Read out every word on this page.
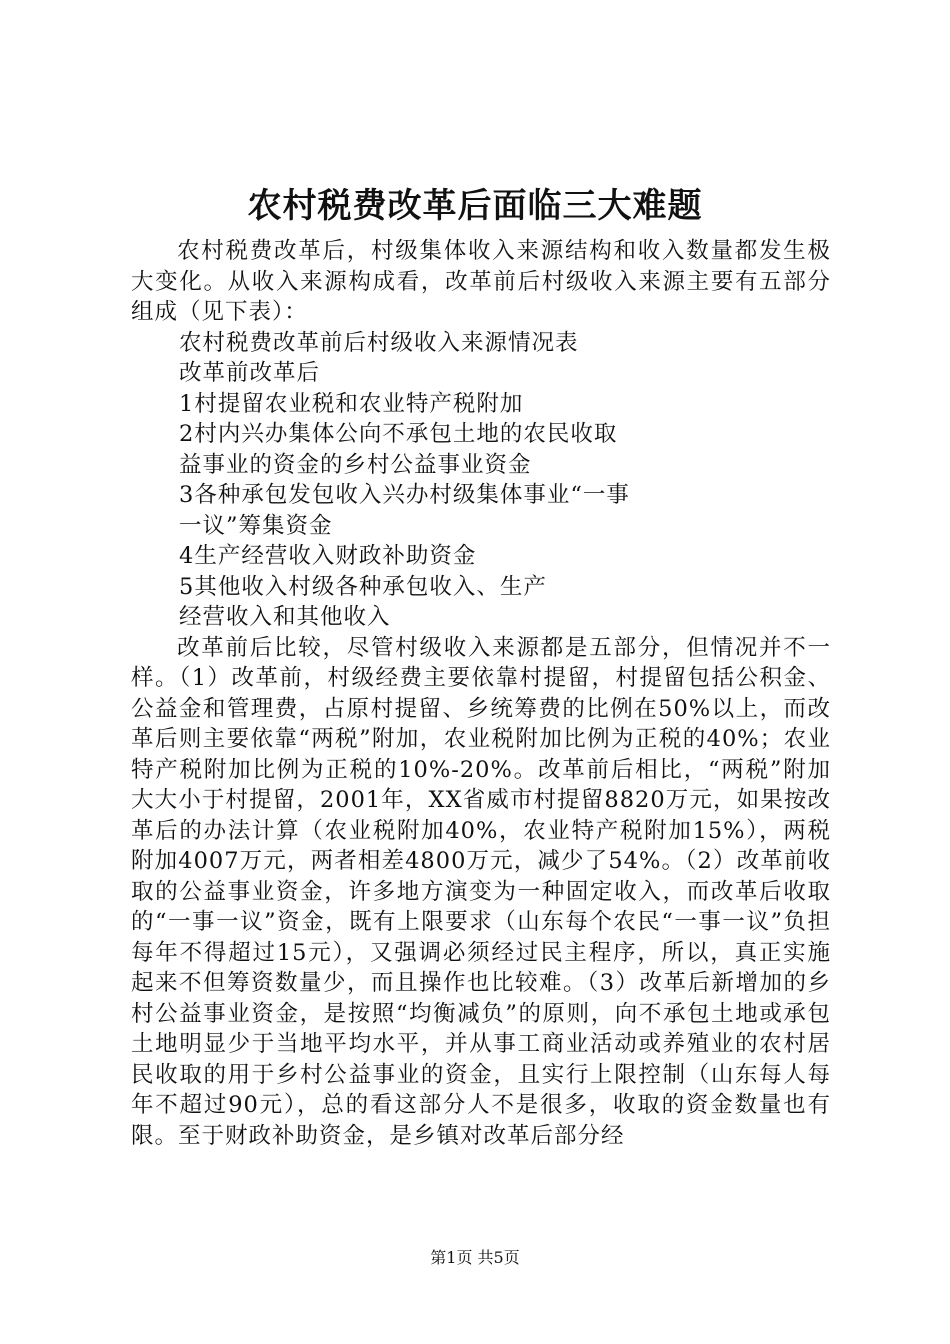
农村税费改革后面临三大难题

农村税费改革后，村级集体收入来源结构和收入数量都发生极大变化。从收入来源构成看，改革前后村级收入来源主要有五部分组成（见下表）：

农村税费改革前后村级收入来源情况表

改革前改革后

1村提留农业税和农业特产税附加

2村内兴办集体公向不承包土地的农民收取

益事业的资金的乡村公益事业资金

3各种承包发包收入兴办村级集体事业“一事

一议”筹集资金

4生产经营收入财政补助资金

5其他收入村级各种承包收入、生产

经营收入和其他收入

改革前后比较，尽管村级收入来源都是五部分，但情况并不一样。（1）改革前，村级经费主要依靠村提留，村提留包括公积金、公益金和管理费，占原村提留、乡统筹费的比例在50%以上，而改革后则主要依靠“两税”附加，农业税附加比例为正税的40%；农业特产税附加比例为正税的10%-20%。改革前后相比，“两税”附加大大小于村提留，2001年，XX省威市村提留8820万元，如果按改革后的办法计算（农业税附加40%，农业特产税附加15%），两税附加4007万元，两者相差4800万元，减少了54%。（2）改革前收取的公益事业资金，许多地方演变为一种固定收入，而改革后收取的“一事一议”资金，既有上限要求（山东每个农民“一事一议”负担每年不得超过15元），又强调必须经过民主程序，所以，真正实施起来不但筹资数量少，而且操作也比较难。（3）改革后新增加的乡村公益事业资金，是按照“均衡减负”的原则，向不承包土地或承包土地明显少于当地平均水平，并从事工商业活动或养殖业的农村居民收取的用于乡村公益事业的资金，且实行上限控制（山东每人每年不超过90元），总的看这部分人不是很多，收取的资金数量也有限。至于财政补助资金，是乡镇对改革后部分经

第1页 共5页
